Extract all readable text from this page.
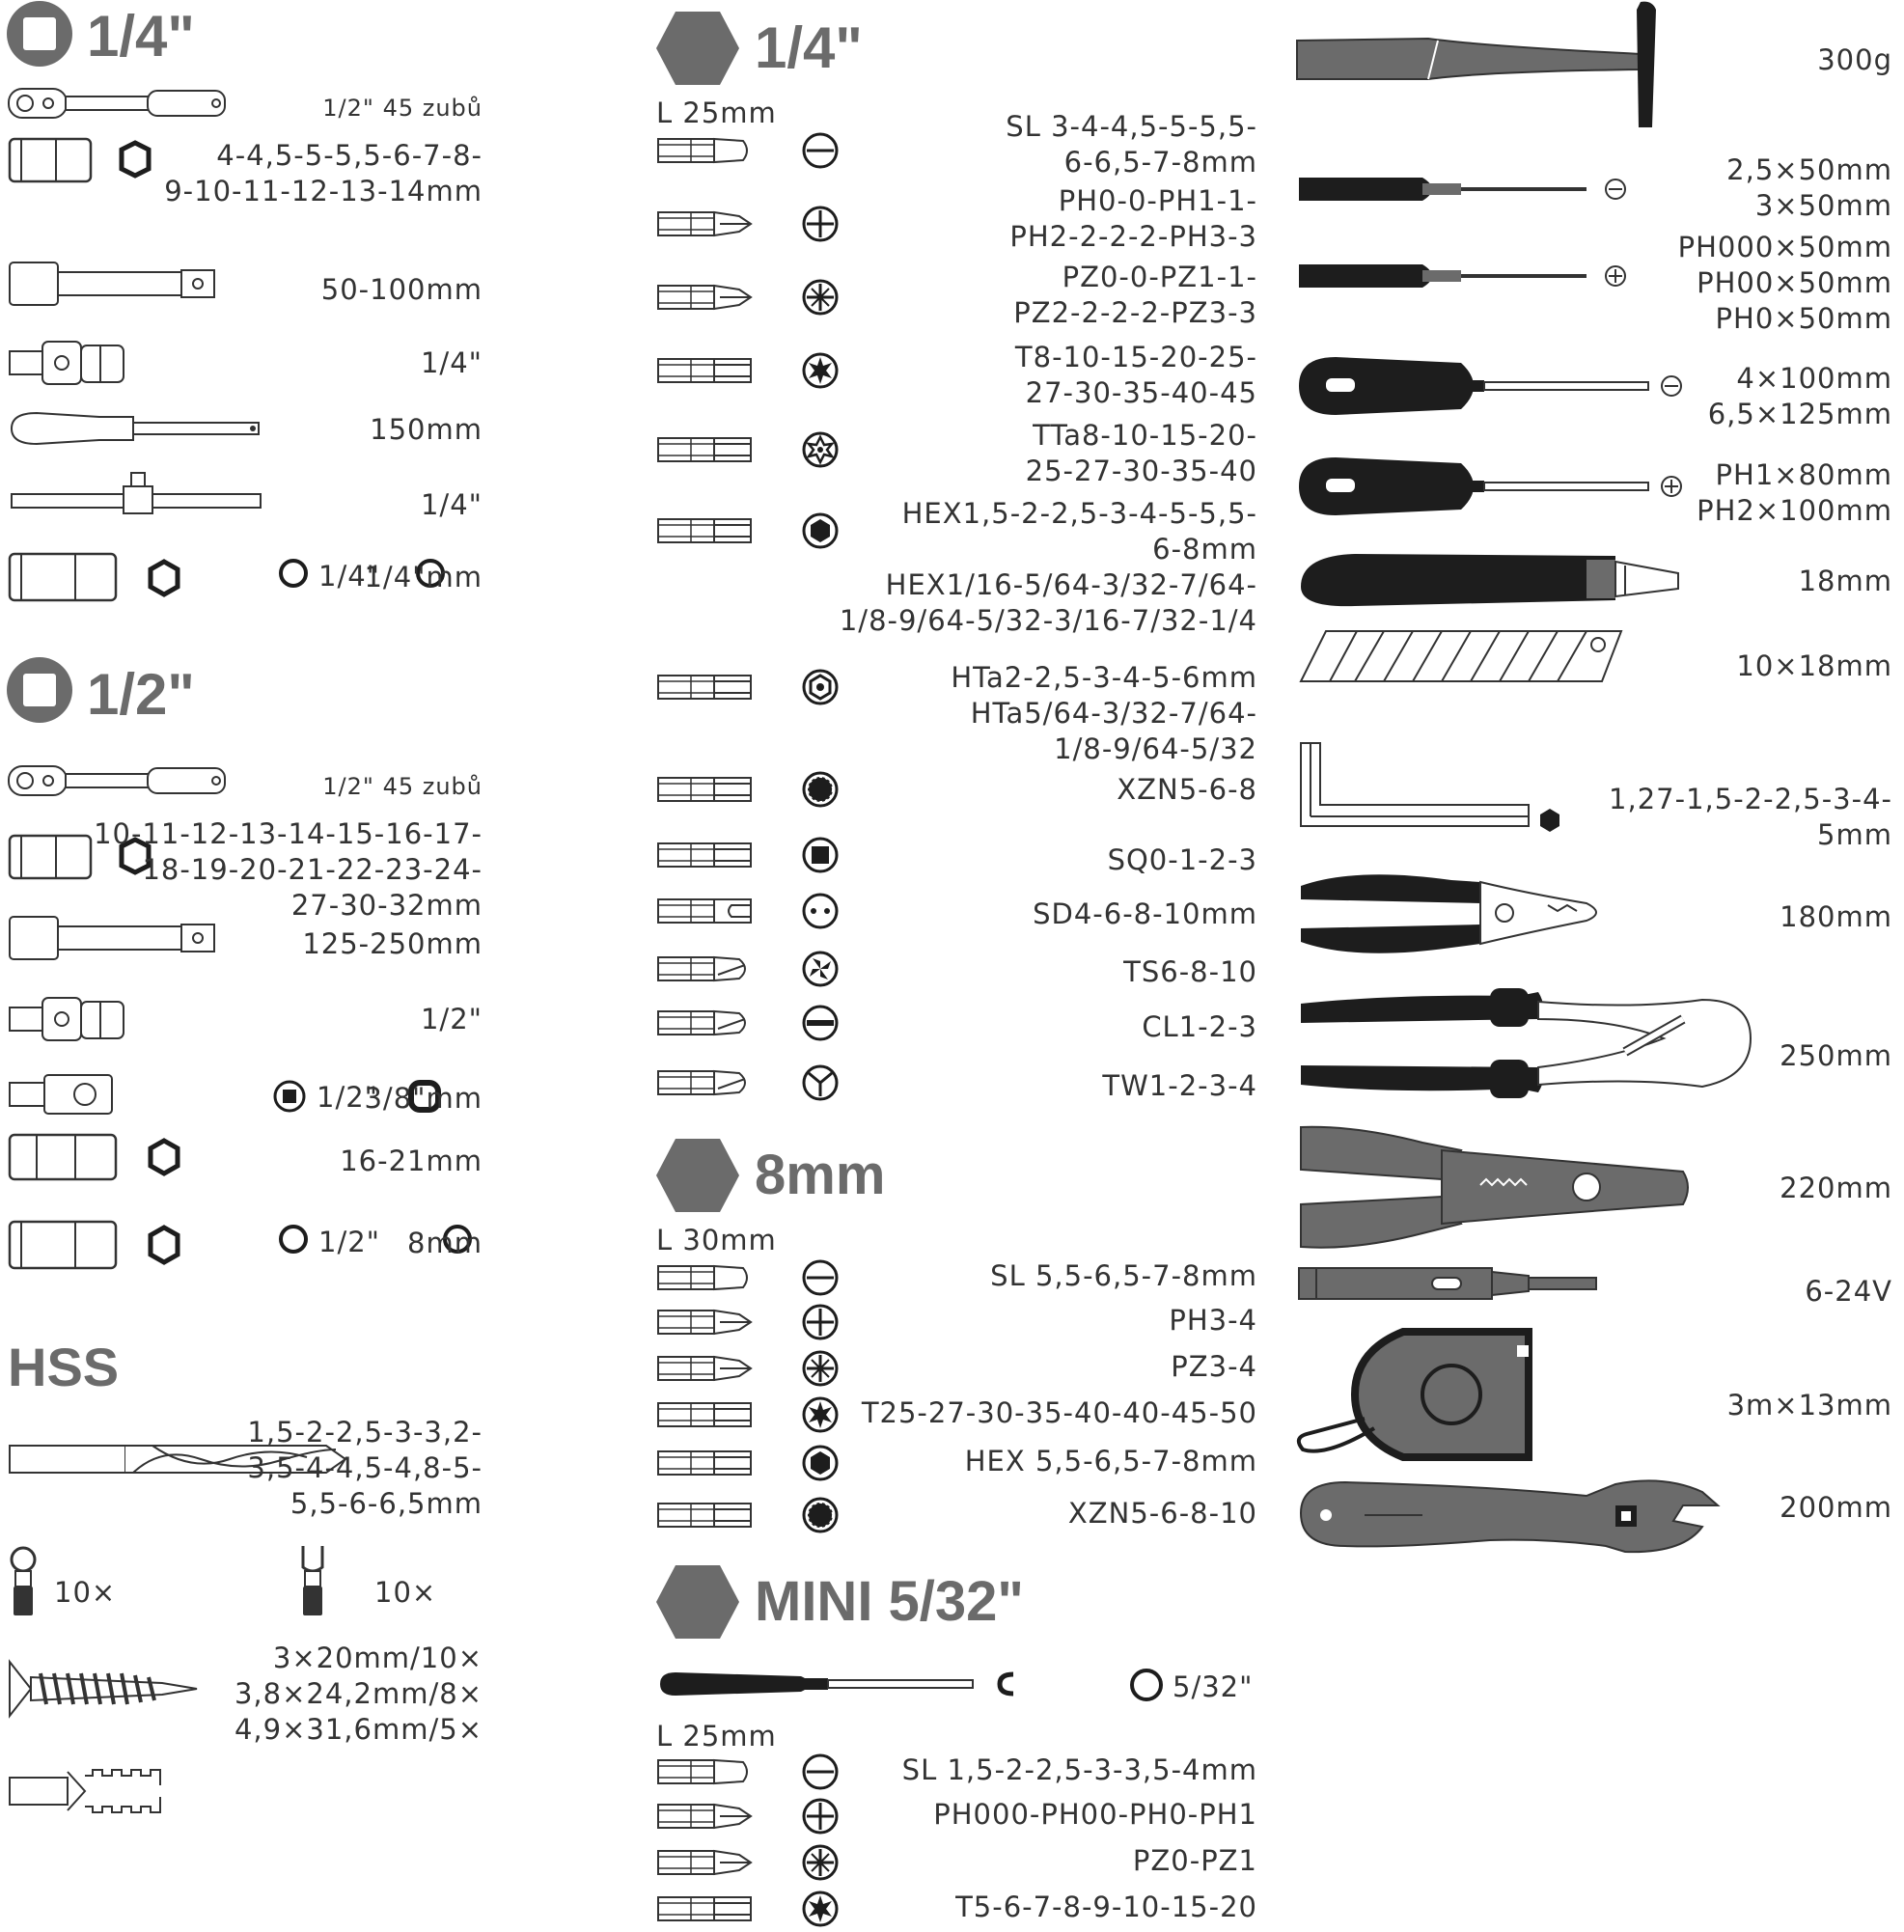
1/4"
1/2" 45 zubů
4-4,5-5-5,5-6-7-8-
9-10-11-12-13-14mm
50-100mm
1/4"
150mm
1/4"
1/4"
1/4"mm
1/2"
1/2" 45 zubů
10-11-12-13-14-15-16-17-
18-19-20-21-22-23-24-
27-30-32mm
125-250mm
1/2"
1/2"
3/8"mm
16-21mm
1/2" 8mm
HSS
1,5-2-2,5-3-3,2-
3,5-4-4,5-4,8-5-
5,5-6-6,5mm
10×	10×
3×20mm/10×
3,8×24,2mm/8×
4,9×31,6mm/5×
1/4"
L 25mm	SL 3-4-4,5-5-5,5-
6-6,5-7-8mm
PH0-0-PH1-1-
PH2-2-2-2-PH3-3
PZ0-0-PZ1-1-
PZ2-2-2-2-PZ3-3
T8-10-15-20-25-
27-30-35-40-45
TTa8-10-15-20-
25-27-30-35-40
HEX1,5-2-2,5-3-4-5-5,5-
6-8mm
HEX1/16-5/64-3/32-7/64-
1/8-9/64-5/32-3/16-7/32-1/4
HTa2-2,5-3-4-5-6mm
HTa5/64-3/32-7/64-
1/8-9/64-5/32
XZN5-6-8
SQ0-1-2-3
SD4-6-8-10mm
TS6-8-10
CL1-2-3
TW1-2-3-4
8mm
L 30mm
SL 5,5-6,5-7-8mm
PH3-4
PZ3-4
T25-27-30-35-40-40-45-50
HEX 5,5-6,5-7-8mm
XZN5-6-8-10
MINI 5/32"
5/32"
L 25mm
SL 1,5-2-2,5-3-3,5-4mm
PH000-PH00-PH0-PH1
PZ0-PZ1
T5-6-7-8-9-10-15-20
300g
2,5×50mm
3×50mm
PH000×50mm
PH00×50mm
PH0×50mm
4×100mm
6,5×125mm
PH1×80mm
PH2×100mm
18mm
10×18mm
1,27-1,5-2-2,5-3-4-
5mm
180mm
250mm
220mm
6-24V
3m×13mm
200mm
